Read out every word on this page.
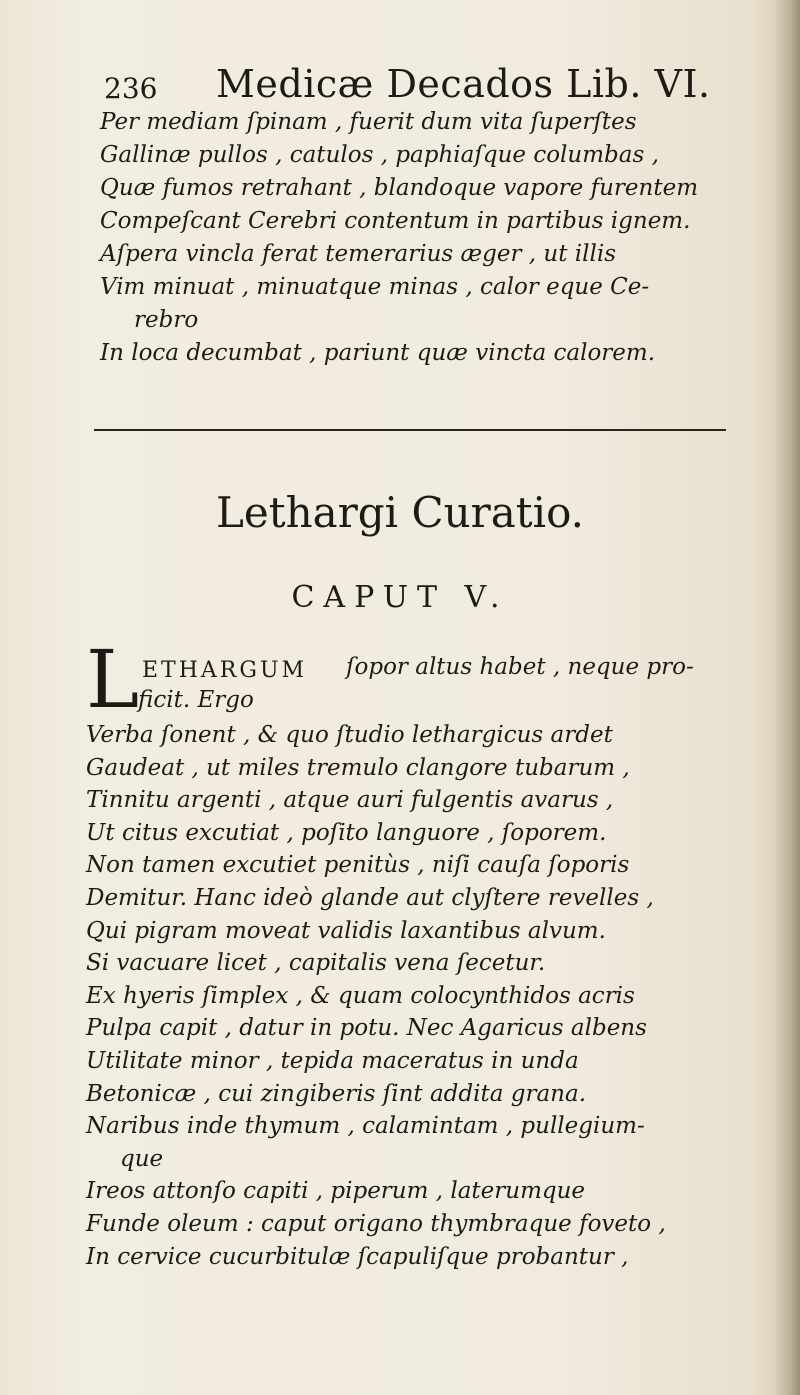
236 Medicæ Decados Lib. VI.
Per mediam ſpinam , fuerit dum vita ſuperſtes
Gallinæ pullos , catulos , paphiaſque columbas ,
Quæ fumos retrahant , blandoque vapore furentem
Compeſcant Cerebri contentum in partibus ignem.
Aſpera vincla ferat temerarius æger , ut illis
Vim minuat , minuatque minas , calor eque Ce-
rebro
In loca decumbat , pariunt quæ vincta calorem.
Lethargi Curatio.
CAPUT V.
L ETHARGUM ſopor altus habet , neque pro-
ficit. Ergo
Verba ſonent , & quo ſtudio lethargicus ardet
Gaudeat , ut miles tremulo clangore tubarum ,
Tinnitu argenti , atque auri fulgentis avarus ,
Ut citus excutiat , poſito languore , ſoporem.
Non tamen excutiet penitùs , niſi cauſa ſoporis
Demitur. Hanc ideò glande aut clyſtere revelles ,
Qui pigram moveat validis laxantibus alvum.
Si vacuare licet , capitalis vena ſecetur.
Ex hyeris ſimplex , & quam colocynthidos acris
Pulpa capit , datur in potu. Nec Agaricus albens
Utilitate minor , tepida maceratus in unda
Betonicæ , cui zingiberis ſint addita grana.
Naribus inde thymum , calamintam , pullegium-
que
Ireos attonſo capiti , piperum , laterumque
Funde oleum : caput origano thymbraque foveto ,
In cervice cucurbitulæ ſcapuliſque probantur ,
